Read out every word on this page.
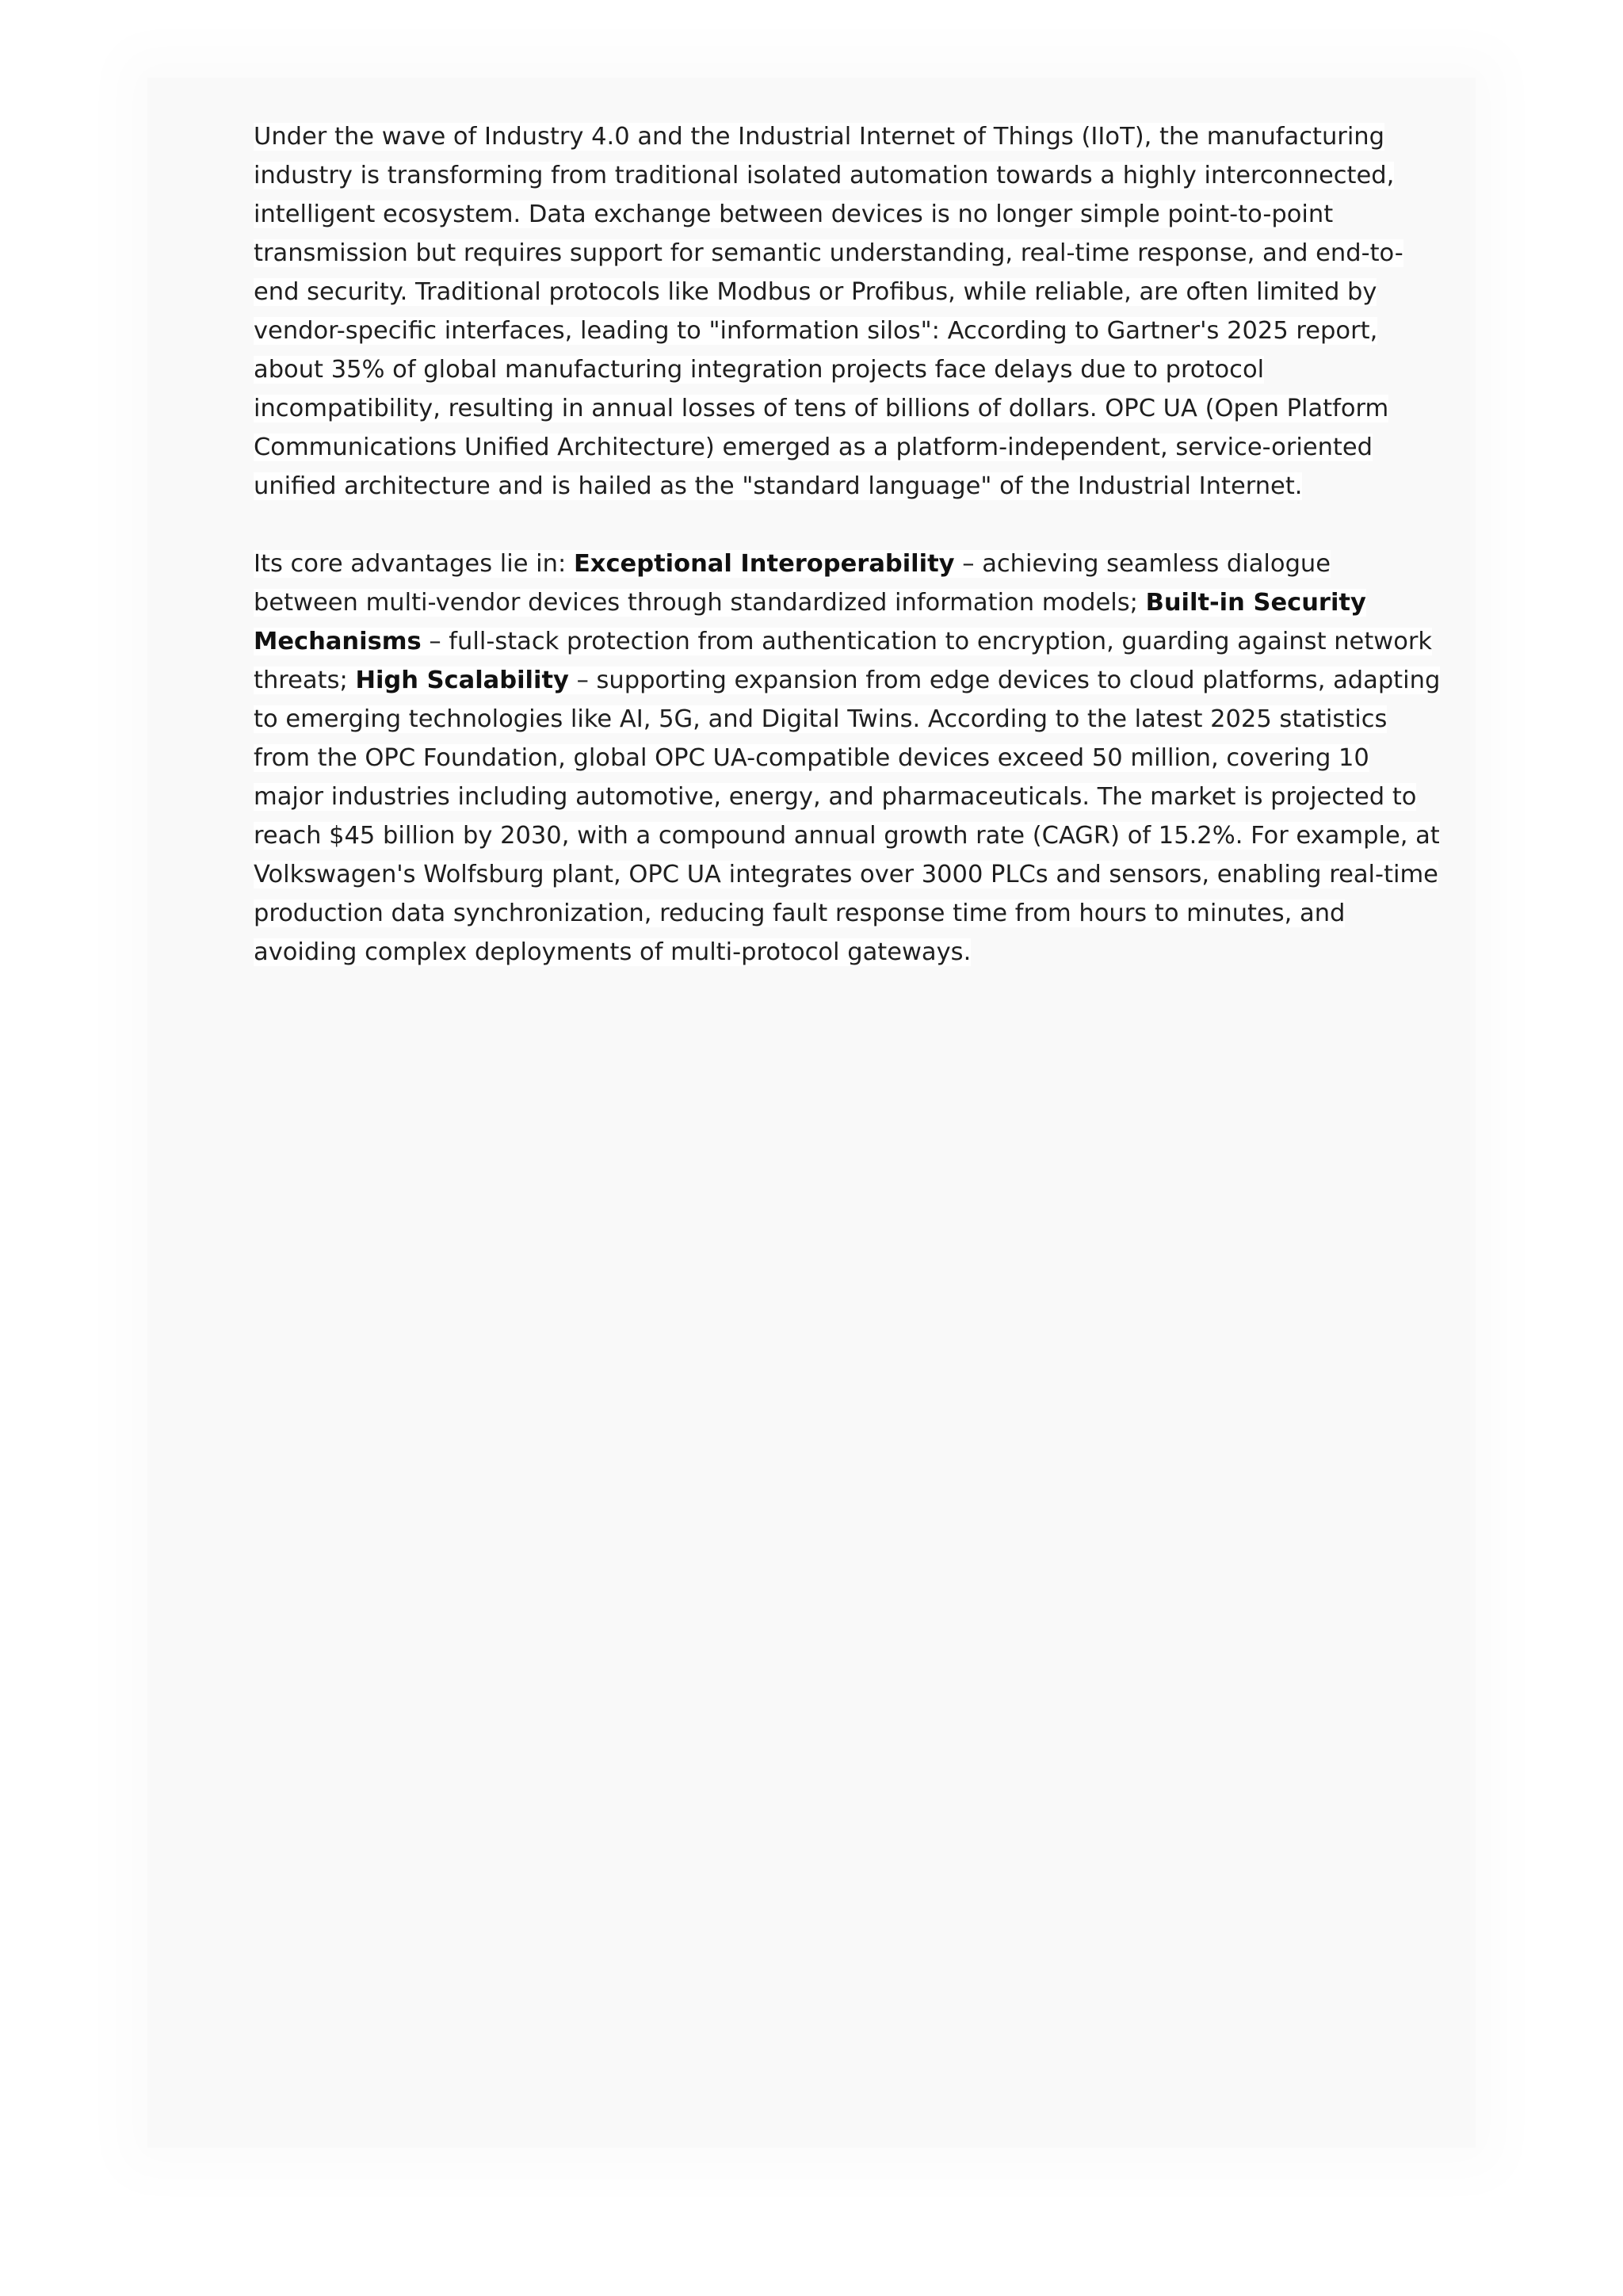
Under the wave of Industry 4.0 and the Industrial Internet of Things (IIoT), the manufacturing industry is transforming from traditional isolated automation towards a highly interconnected, intelligent ecosystem. Data exchange between devices is no longer simple point-to-point transmission but requires support for semantic understanding, real-time response, and end-to-end security. Traditional protocols like Modbus or Profibus, while reliable, are often limited by vendor-specific interfaces, leading to "information silos": According to Gartner's 2025 report, about 35% of global manufacturing integration projects face delays due to protocol incompatibility, resulting in annual losses of tens of billions of dollars. OPC UA (Open Platform Communications Unified Architecture) emerged as a platform-independent, service-oriented unified architecture and is hailed as the "standard language" of the Industrial Internet.

Its core advantages lie in: Exceptional Interoperability – achieving seamless dialogue between multi-vendor devices through standardized information models; Built-in Security Mechanisms – full-stack protection from authentication to encryption, guarding against network threats; High Scalability – supporting expansion from edge devices to cloud platforms, adapting to emerging technologies like AI, 5G, and Digital Twins. According to the latest 2025 statistics from the OPC Foundation, global OPC UA-compatible devices exceed 50 million, covering 10 major industries including automotive, energy, and pharmaceuticals. The market is projected to reach $45 billion by 2030, with a compound annual growth rate (CAGR) of 15.2%. For example, at Volkswagen's Wolfsburg plant, OPC UA integrates over 3000 PLCs and sensors, enabling real-time production data synchronization, reducing fault response time from hours to minutes, and avoiding complex deployments of multi-protocol gateways.
